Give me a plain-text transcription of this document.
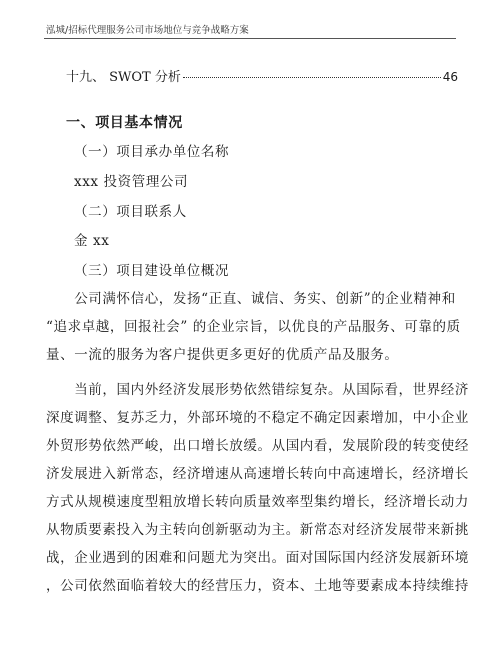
泓城/招标代理服务公司市场地位与竞争战略方案
十九、 SWOT 分析	46
一、项目基本情况
（一）项目承办单位名称
xxx 投资管理公司
（二）项目联系人
金 xx
（三）项目建设单位概况
　　公司满怀信心，发扬“正直、诚信、务实、创新”的企业精神和
“追求卓越，回报社会” 的企业宗旨，以优良的产品服务、可靠的质
量、一流的服务为客户提供更多更好的优质产品及服务。
　　当前，国内外经济发展形势依然错综复杂。从国际看，世界经济
深度调整、复苏乏力，外部环境的不稳定不确定因素增加，中小企业
外贸形势依然严峻，出口增长放缓。从国内看，发展阶段的转变使经
济发展进入新常态，经济增速从高速增长转向中高速增长，经济增长
方式从规模速度型粗放增长转向质量效率型集约增长，经济增长动力
从物质要素投入为主转向创新驱动为主。新常态对经济发展带来新挑
战，企业遇到的困难和问题尤为突出。面对国际国内经济发展新环境
，公司依然面临着较大的经营压力，资本、土地等要素成本持续维持
